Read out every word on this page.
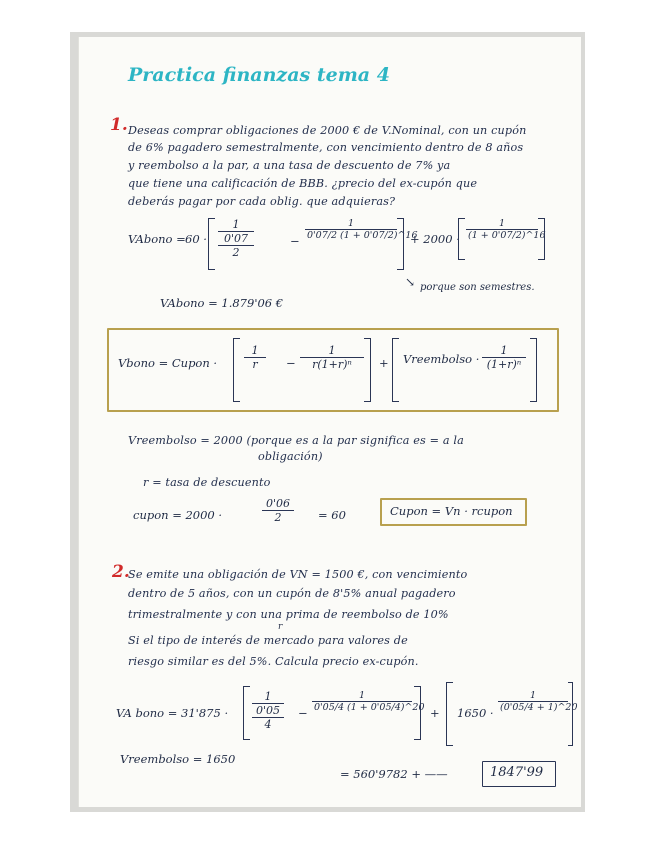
Practica finanzas tema 4
1. Deseas comprar obligaciones de 2000 € de V.Nominal, con un cupón
de 6% pagadero semestralmente, con vencimiento dentro de 8 años
y reembolso a la par, a una tasa de descuento de 7% ya
que tiene una calificación de BBB. ¿precio del ex-cupón que
deberás pagar por cada oblig. que adquieras?
VAbono = 60 ·
1
0'07
2
− $\frac{1}{0'07/2 (1 + 0'07/2)\^{}16} + 2000 \cdot \frac{1}{(1 + 0'07/2)\^{}16}$
↘ porque son semestres.
VAbono = 1.879'06 €
Vbono = Cupon · $\frac{1}{r} - \frac{1}{\text{r(1+r)ⁿ}}$ + Vreembolso · $\frac{1}{\text{(1+r)ⁿ}}$
Vreembolso = 2000 (porque es a la par significa es = a la
obligación)
r = tasa de descuento
cupon = 2000 ·	$\frac{0'06}{2} = 60$	Cupon = Vn · rcupon
2.
Se emite una obligación de VN = 1500 €, con vencimiento
dentro de 5 años, con un cupón de 8'5% anual pagadero
trimestralmente y con una prima de reembolso de 10%
r
Si el tipo de interés de mercado para valores de
riesgo similar es del 5%. Calcula precio ex-cupón.
VA bono = 31'875 ·
1
0'05
4
− $\frac{1}{0'05/4 (1 + 0'05/4)\^{}20} + 1650 \cdot \frac{1}{(0'05/4 + 1)\^{}20}$
Vreembolso = 1650
= 560'9782 + ——	1847'99
